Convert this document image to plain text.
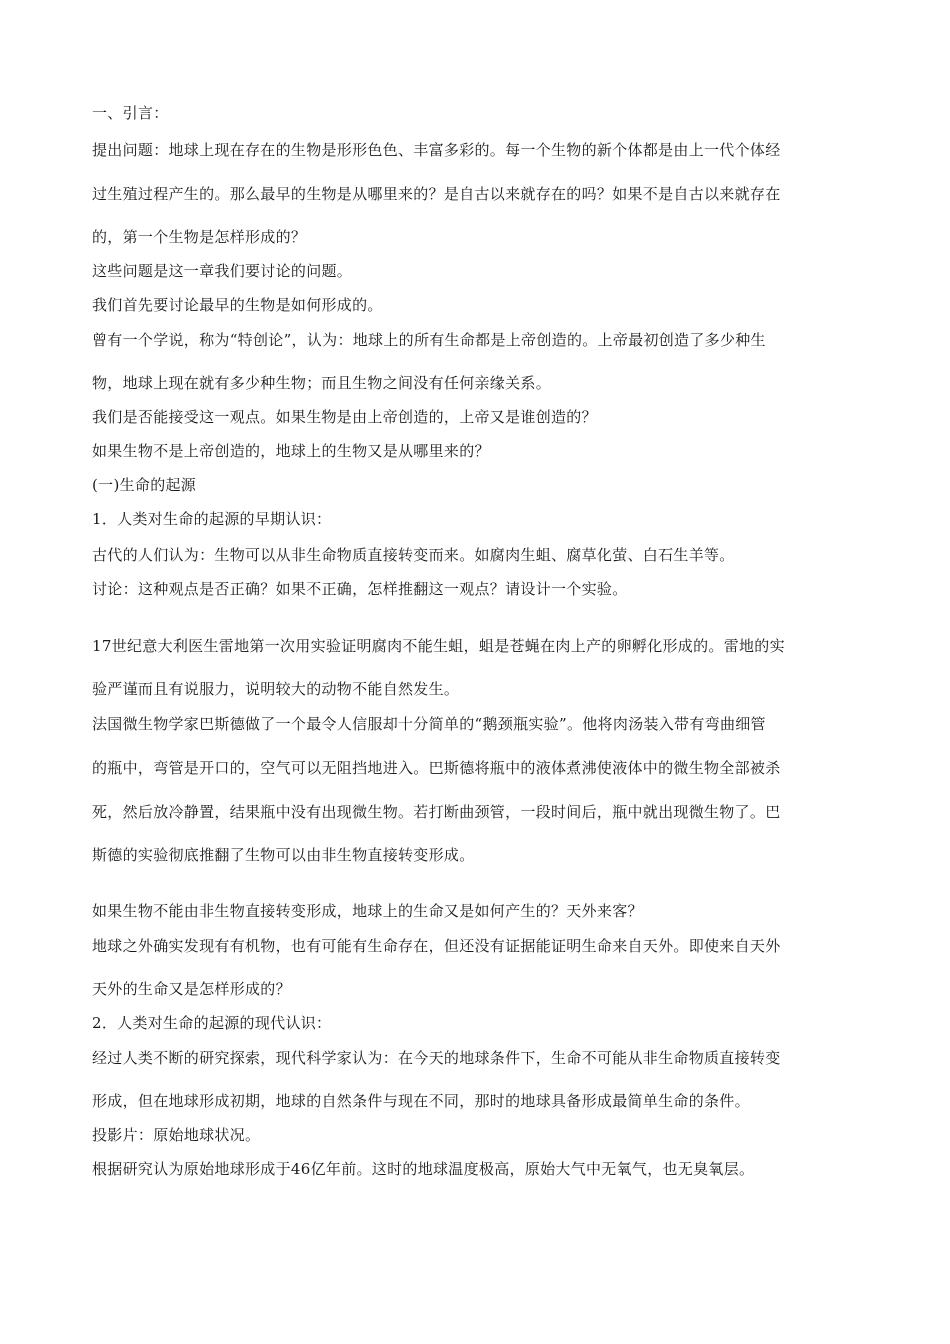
一、引言：
提出问题：地球上现在存在的生物是形形色色、丰富多彩的。每一个生物的新个体都是由上一代个体经
过生殖过程产生的。那么最早的生物是从哪里来的？是自古以来就存在的吗？如果不是自古以来就存在
的，第一个生物是怎样形成的？
这些问题是这一章我们要讨论的问题。
我们首先要讨论最早的生物是如何形成的。
曾有一个学说，称为“特创论”，认为：地球上的所有生命都是上帝创造的。上帝最初创造了多少种生
物，地球上现在就有多少种生物；而且生物之间没有任何亲缘关系。
我们是否能接受这一观点。如果生物是由上帝创造的，上帝又是谁创造的？
如果生物不是上帝创造的，地球上的生物又是从哪里来的？
(一)生命的起源
1．人类对生命的起源的早期认识：
古代的人们认为：生物可以从非生命物质直接转变而来。如腐肉生蛆、腐草化萤、白石生羊等。
讨论：这种观点是否正确？如果不正确，怎样推翻这一观点？请设计一个实验。
17世纪意大利医生雷地第一次用实验证明腐肉不能生蛆，蛆是苍蝇在肉上产的卵孵化形成的。雷地的实
验严谨而且有说服力，说明较大的动物不能自然发生。
法国微生物学家巴斯德做了一个最令人信服却十分简单的“鹅颈瓶实验”。他将肉汤装入带有弯曲细管
的瓶中，弯管是开口的，空气可以无阻挡地进入。巴斯德将瓶中的液体煮沸使液体中的微生物全部被杀
死，然后放冷静置，结果瓶中没有出现微生物。若打断曲颈管，一段时间后，瓶中就出现微生物了。巴
斯德的实验彻底推翻了生物可以由非生物直接转变形成。
如果生物不能由非生物直接转变形成，地球上的生命又是如何产生的？天外来客？
地球之外确实发现有有机物，也有可能有生命存在，但还没有证据能证明生命来自天外。即使来自天外
天外的生命又是怎样形成的？
2．人类对生命的起源的现代认识：
经过人类不断的研究探索，现代科学家认为：在今天的地球条件下，生命不可能从非生命物质直接转变
形成，但在地球形成初期，地球的自然条件与现在不同，那时的地球具备形成最简单生命的条件。
投影片：原始地球状况。
根据研究认为原始地球形成于46亿年前。这时的地球温度极高，原始大气中无氧气，也无臭氧层。
